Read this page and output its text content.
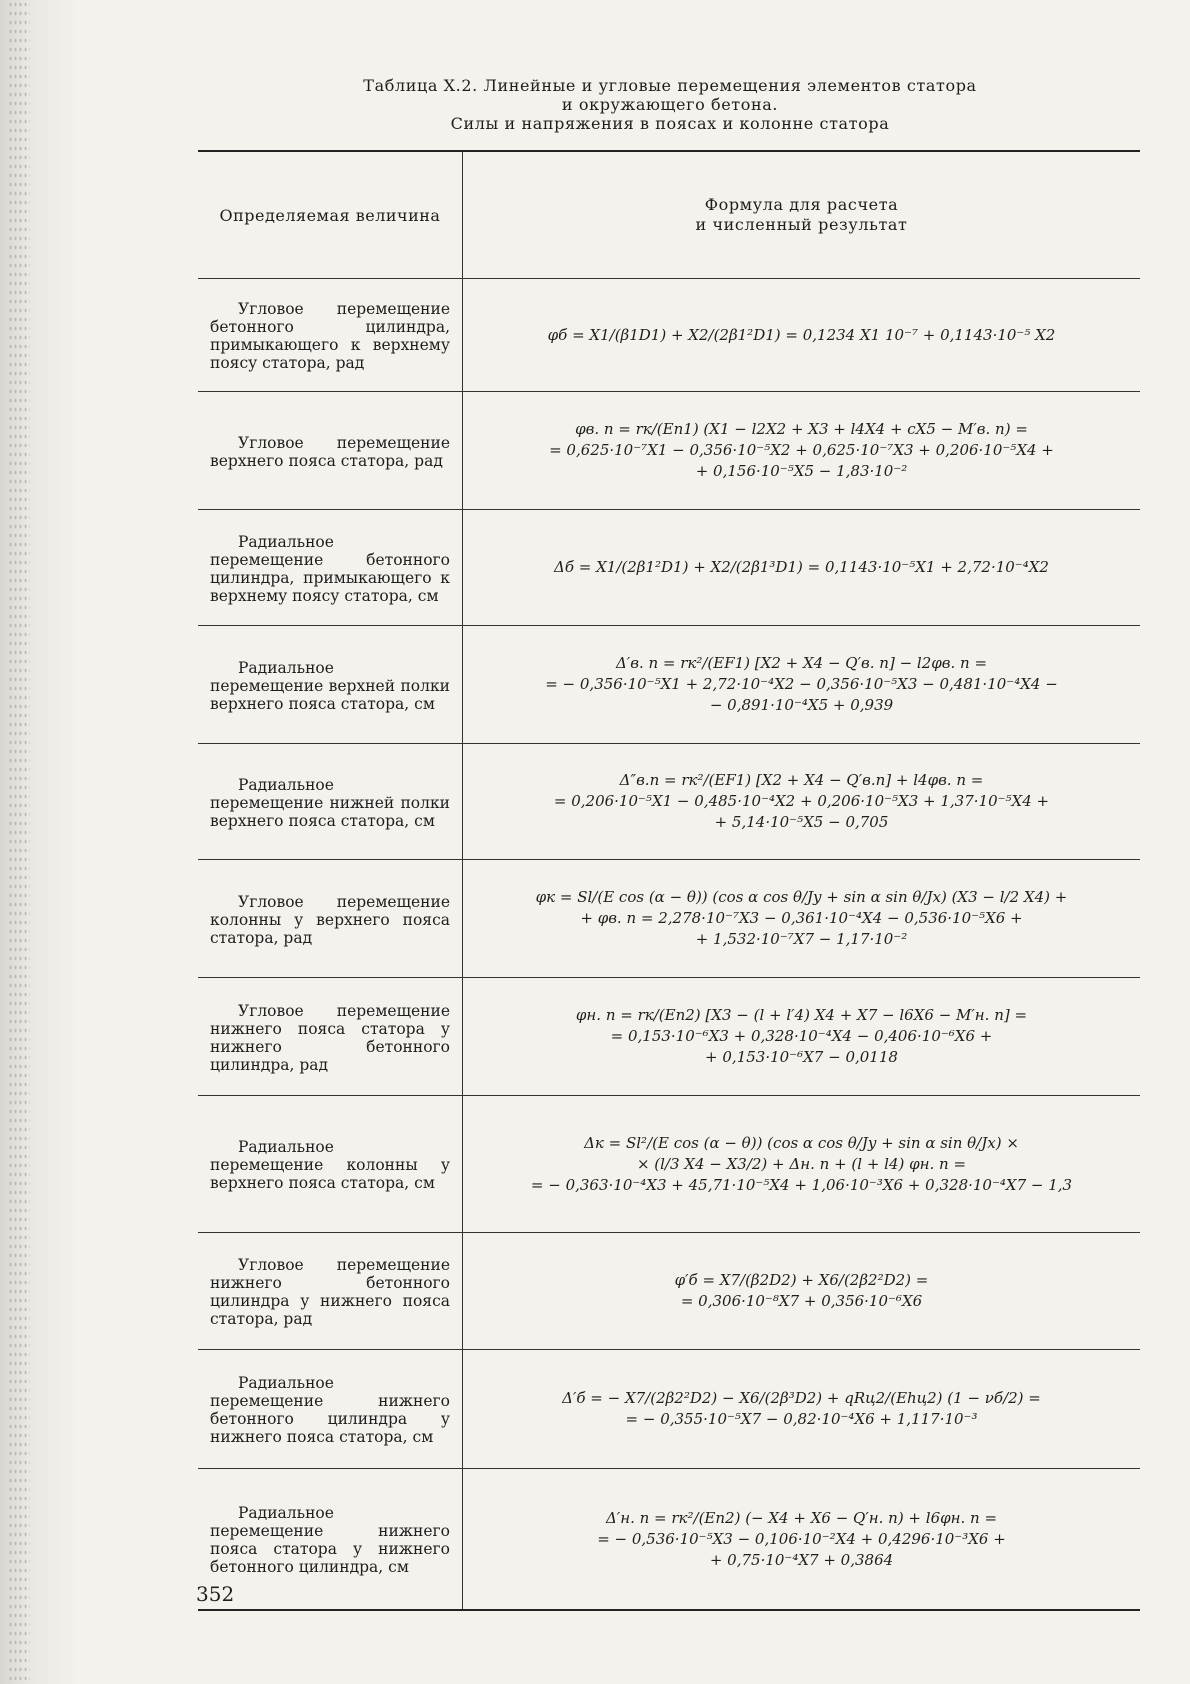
Таблица X.2. Линейные и угловые перемещения элементов статора
и окружающего бетона.
Силы и напряжения в поясах и колонне статора
Определяемая величина
Формула для расчета
и численный результат
Угловое перемещение бетонного цилиндра, примыкающего к верхнему поясу статора, рад
φб = X1/(β1D1) + X2/(2β1²D1) = 0,1234 X1 10⁻⁷ + 0,1143·10⁻⁵ X2
Угловое перемещение верхнего пояса статора, рад
φв. п = rк/(En1) (X1 − l2X2 + X3 + l4X4 + cX5 − M′в. п) =
= 0,625·10⁻⁷X1 − 0,356·10⁻⁵X2 + 0,625·10⁻⁷X3 + 0,206·10⁻⁵X4 +
+ 0,156·10⁻⁵X5 − 1,83·10⁻²
Радиальное перемещение бетонного цилиндра, примыкающего к верхнему поясу статора, см
Δб = X1/(2β1²D1) + X2/(2β1³D1) = 0,1143·10⁻⁵X1 + 2,72·10⁻⁴X2
Радиальное перемещение верхней полки верхнего пояса статора, см
Δ′в. п = rк²/(EF1) [X2 + X4 − Q′в. п] − l2φв. п =
= − 0,356·10⁻⁵X1 + 2,72·10⁻⁴X2 − 0,356·10⁻⁵X3 − 0,481·10⁻⁴X4 −
− 0,891·10⁻⁴X5 + 0,939
Радиальное перемещение нижней полки верхнего пояса статора, см
Δ″в.п = rк²/(EF1) [X2 + X4 − Q′в.п] + l4φв. п =
= 0,206·10⁻⁵X1 − 0,485·10⁻⁴X2 + 0,206·10⁻⁵X3 + 1,37·10⁻⁵X4 +
+ 5,14·10⁻⁵X5 − 0,705
Угловое перемещение колонны у верхнего пояса статора, рад
φк = Sl/(E cos (α − θ)) (cos α cos θ/Jy + sin α sin θ/Jx) (X3 − l/2 X4) +
+ φв. п = 2,278·10⁻⁷X3 − 0,361·10⁻⁴X4 − 0,536·10⁻⁵X6 +
+ 1,532·10⁻⁷X7 − 1,17·10⁻²
Угловое перемещение нижнего пояса статора у нижнего бетонного цилиндра, рад
φн. п = rк/(En2) [X3 − (l + l′4) X4 + X7 − l6X6 − M′н. п] =
= 0,153·10⁻⁶X3 + 0,328·10⁻⁴X4 − 0,406·10⁻⁶X6 +
+ 0,153·10⁻⁶X7 − 0,0118
Радиальное перемещение колонны у верхнего пояса статора, см
Δк = Sl²/(E cos (α − θ)) (cos α cos θ/Jy + sin α sin θ/Jx) ×
× (l/3 X4 − X3/2) + Δн. п + (l + l4) φн. п =
= − 0,363·10⁻⁴X3 + 45,71·10⁻⁵X4 + 1,06·10⁻³X6 + 0,328·10⁻⁴X7 − 1,3
Угловое перемещение нижнего бетонного цилиндра у нижнего пояса статора, рад
φ′б = X7/(β2D2) + X6/(2β2²D2) =
= 0,306·10⁻⁸X7 + 0,356·10⁻⁶X6
Радиальное перемещение нижнего бетонного цилиндра у нижнего пояса статора, см
Δ′б = − X7/(2β2²D2) − X6/(2β³D2) + qRц2/(Ehц2) (1 − νб/2) =
= − 0,355·10⁻⁵X7 − 0,82·10⁻⁴X6 + 1,117·10⁻³
Радиальное перемещение нижнего пояса статора у нижнего бетонного цилиндра, см
Δ′н. п = rк²/(En2) (− X4 + X6 − Q′н. п) + l6φн. п =
= − 0,536·10⁻⁵X3 − 0,106·10⁻²X4 + 0,4296·10⁻³X6 +
+ 0,75·10⁻⁴X7 + 0,3864
352
